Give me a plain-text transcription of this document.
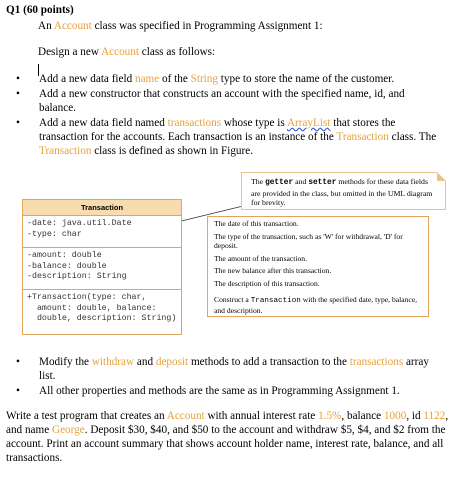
Q1 (60 points)
An Account class was specified in Programming Assignment 1:
Design a new Account class as follows:
• Add a new data field name of the String type to store the name of the customer.
• Add a new constructor that constructs an account with the specified name, id, and balance.
• Add a new data field named transactions whose type is ArrayList that stores the transaction for the accounts. Each transaction is an instance of the Transaction class. The Transaction class is defined as shown in Figure.
The getter and setter methods for these data fields are provided in the class, but omitted in the UML diagram for brevity.
Transaction
-date: java.util.Date
-type: char
-amount: double
-balance: double
-description: String
+Transaction(type: char,
amount: double, balance:
double, description: String)
The date of this transaction.
The type of the transaction, such as 'W' for withdrawal, 'D' for deposit.
The amount of the transaction.
The new balance after this transaction.
The description of this transaction.
Construct a Transaction with the specified date, type, balance, and description.
• Modify the withdraw and deposit methods to add a transaction to the transactions array list.
• All other properties and methods are the same as in Programming Assignment 1.
Write a test program that creates an Account with annual interest rate 1.5%, balance 1000, id 1122, and name George. Deposit $30, $40, and $50 to the account and withdraw $5, $4, and $2 from the account. Print an account summary that shows account holder name, interest rate, balance, and all transactions.
